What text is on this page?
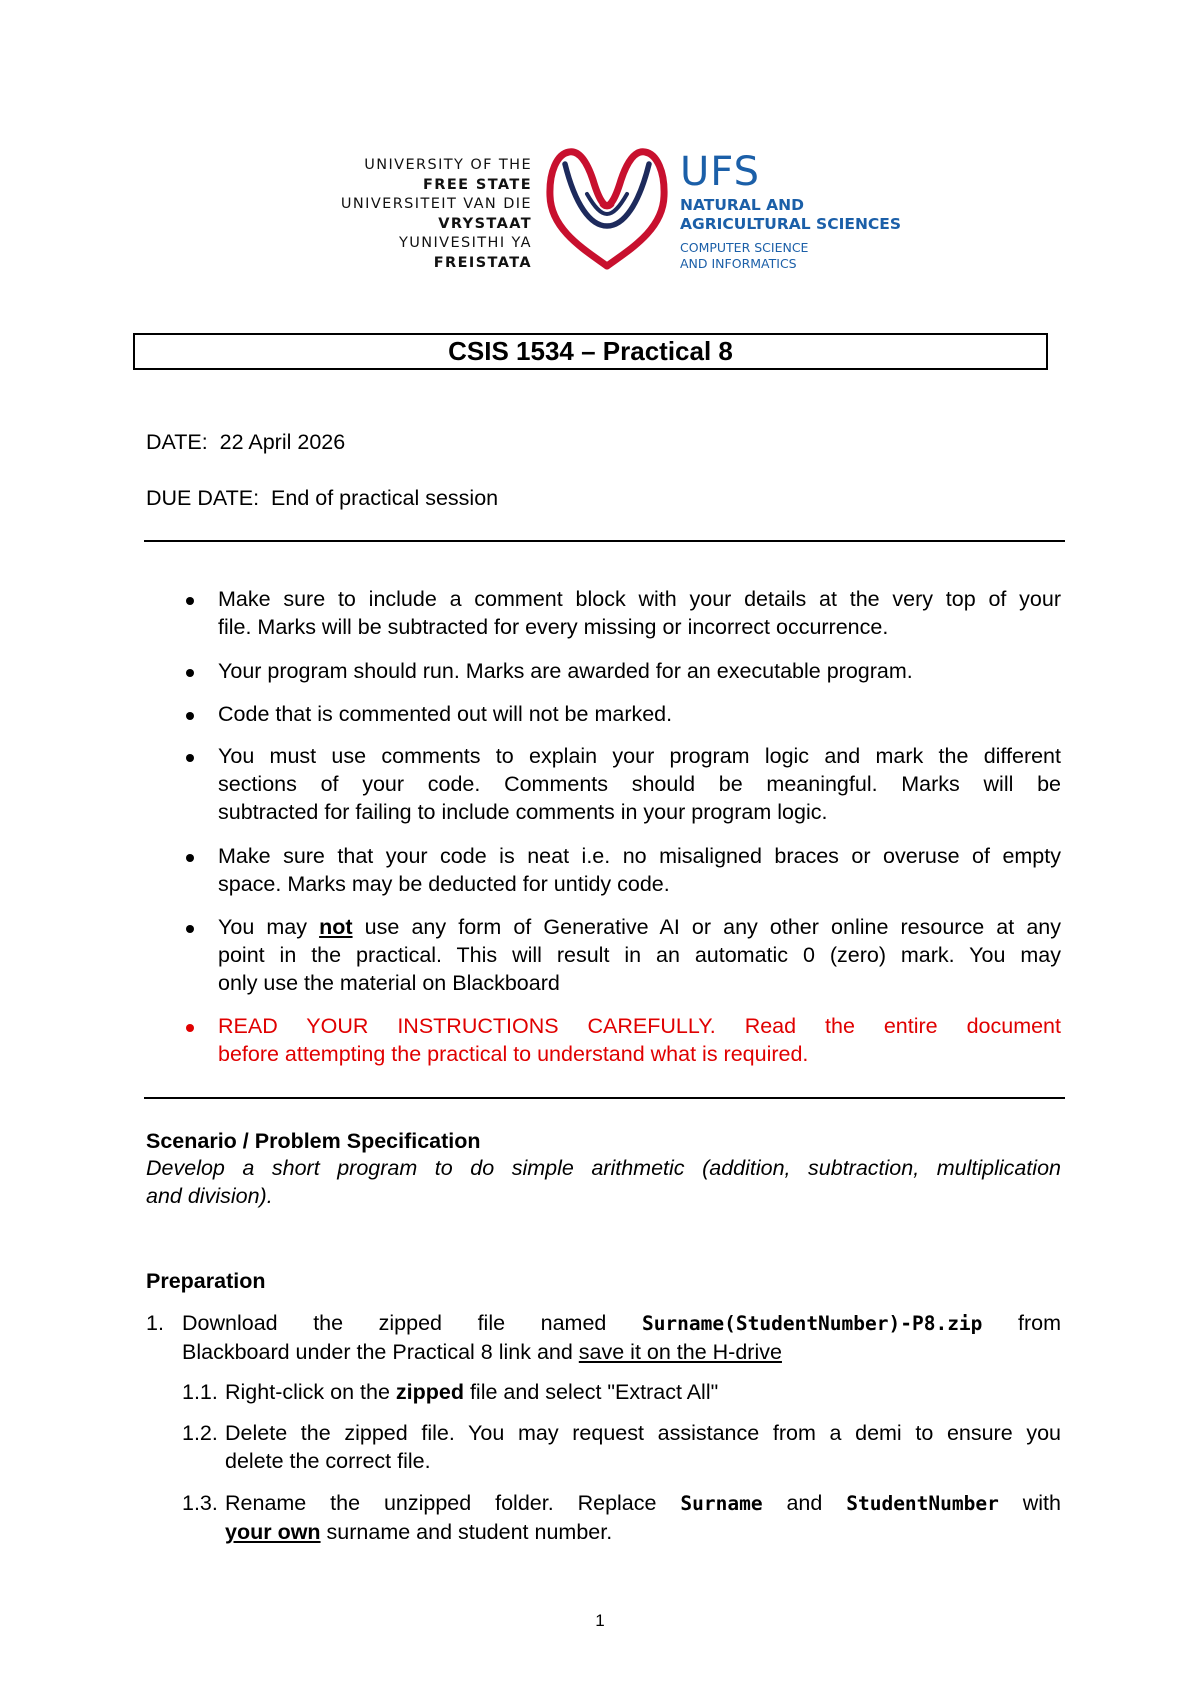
UNIVERSITY OF THE
FREE STATE
UNIVERSITEIT VAN DIE
VRYSTAAT
YUNIVESITHI YA
FREISTATA
UFS
NATURAL AND
AGRICULTURAL SCIENCES
COMPUTER SCIENCE
AND INFORMATICS
CSIS 1534 – Practical 8
DATE: 22 April 2026
DUE DATE: End of practical session
Make sure to include a comment block with your details at the very top of your
file. Marks will be subtracted for every missing or incorrect occurrence.
Your program should run. Marks are awarded for an executable program.
Code that is commented out will not be marked.
You must use comments to explain your program logic and mark the different
sections of your code. Comments should be meaningful. Marks will be
subtracted for failing to include comments in your program logic.
Make sure that your code is neat i.e. no misaligned braces or overuse of empty
space. Marks may be deducted for untidy code.
You may not use any form of Generative AI or any other online resource at any
point in the practical. This will result in an automatic 0 (zero) mark. You may
only use the material on Blackboard
READ YOUR INSTRUCTIONS CAREFULLY. Read the entire document
before attempting the practical to understand what is required.
Scenario / Problem Specification
Develop a short program to do simple arithmetic (addition, subtraction, multiplication
and division).
Preparation
1. Download the zipped file named Surname(StudentNumber)-P8.zip from
Blackboard under the Practical 8 link and save it on the H-drive
1.1. Right-click on the zipped file and select "Extract All"
1.2. Delete the zipped file. You may request assistance from a demi to ensure you
delete the correct file.
1.3. Rename the unzipped folder. Replace Surname and StudentNumber with
your own surname and student number.
1
